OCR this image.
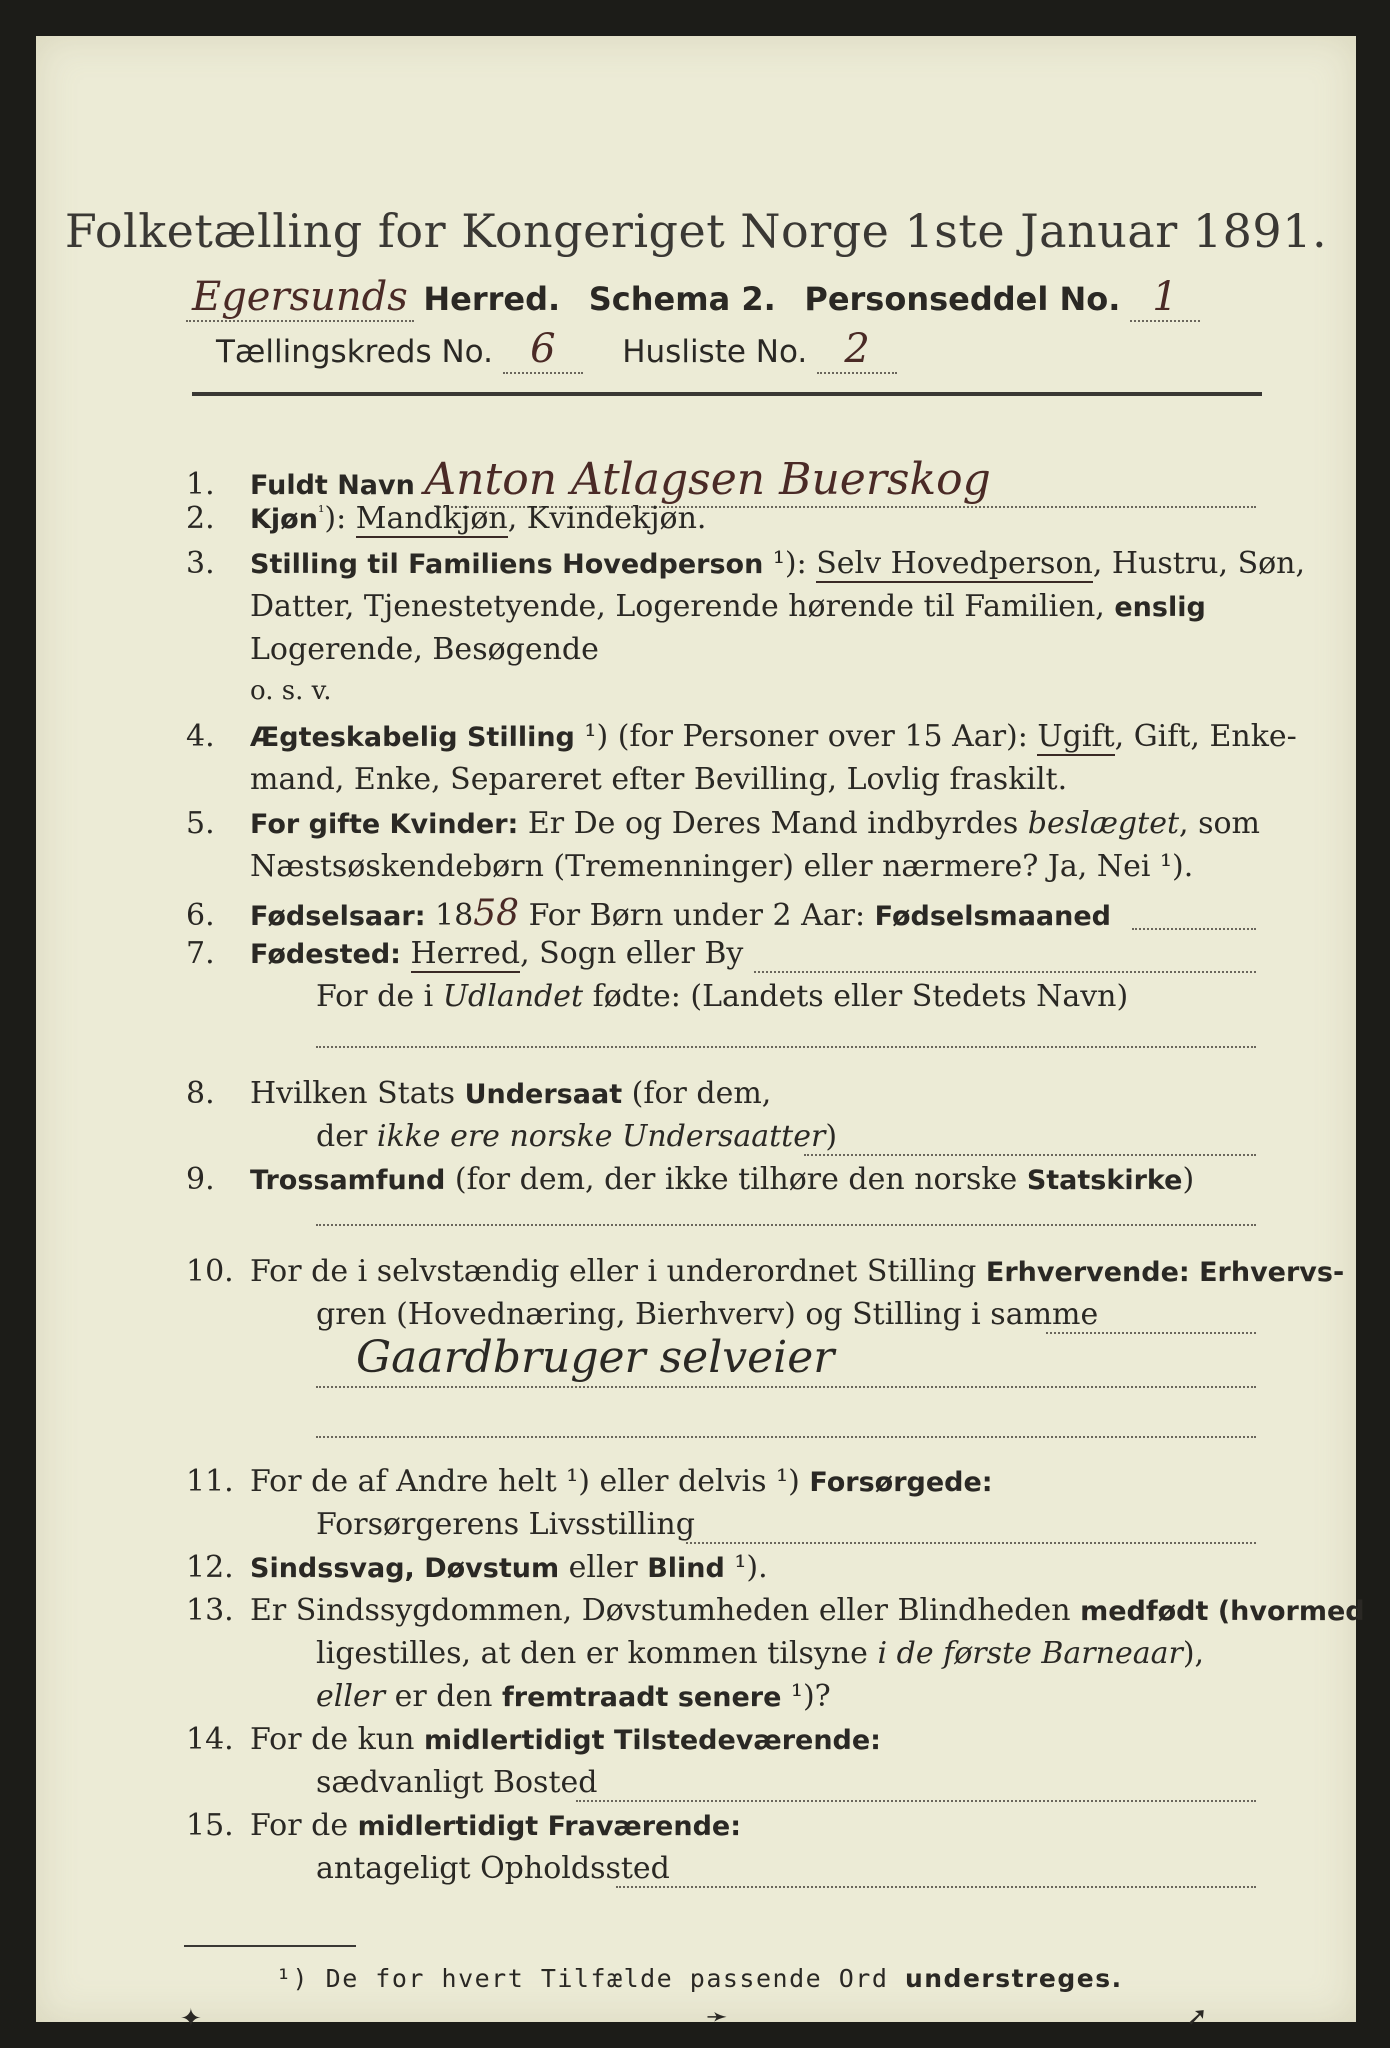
Folketælling for Kongeriget Norge 1ste Januar 1891.
Egersunds Herred. Schema 2. Personseddel No. 1
Tællingskreds No. 6 Husliste No. 2
1. Fuldt Navn Anton Atlagsen Buerskog
2. Kjøn$^{^1}$): Mandkjøn, Kvindekjøn.
3. Stilling til Familiens Hovedperson ¹): Selv Hovedperson, Hustru, Søn,
Datter, Tjenestetyende, Logerende hørende til Familien, enslig
Logerende, Besøgende
o. s. v.
4. Ægteskabelig Stilling ¹) (for Personer over 15 Aar): Ugift, Gift, Enke-
mand, Enke, Separeret efter Bevilling, Lovlig fraskilt.
5. For gifte Kvinder: Er De og Deres Mand indbyrdes beslægtet, som
Næstsøskendebørn (Tremenninger) eller nærmere? Ja, Nei ¹).
6. Fødselsaar: 1858 For Børn under 2 Aar: Fødselsmaaned
7. Fødested: Herred, Sogn eller By
For de i Udlandet fødte: (Landets eller Stedets Navn)
8. Hvilken Stats Undersaat (for dem,
der ikke ere norske Undersaatter)
9. Trossamfund (for dem, der ikke tilhøre den norske Statskirke)
10. For de i selvstændig eller i underordnet Stilling Erhvervende: Erhvervs-
gren (Hovednæring, Bierhverv) og Stilling i samme
Gaardbruger selveier
11. For de af Andre helt ¹) eller delvis ¹) Forsørgede:
Forsørgerens Livsstilling
12. Sindssvag, Døvstum eller Blind ¹).
13. Er Sindssygdommen, Døvstumheden eller Blindheden medfødt (hvormed
ligestilles, at den er kommen tilsyne i de første Barneaar),
eller er den fremtraadt senere ¹)?
14. For de kun midlertidigt Tilstedeværende:
sædvanligt Bosted
15. For de midlertidigt Fraværende:
antageligt Opholdssted
¹) De for hvert Tilfælde passende Ord understreges.
✦	➛	➚
